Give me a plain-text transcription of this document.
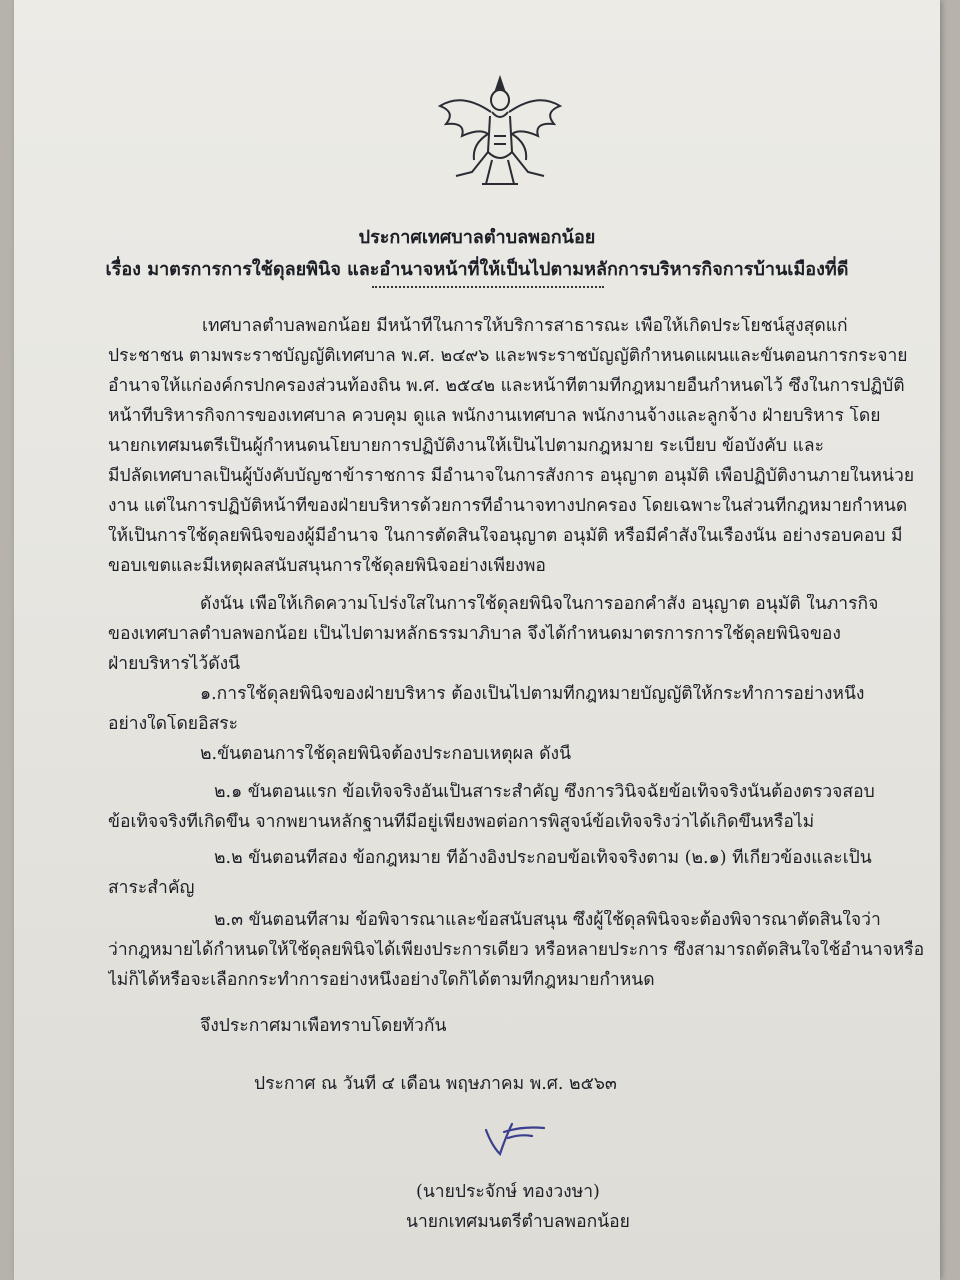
ประกาศเทศบาลตำบลพอกน้อย
เรื่อง มาตรการการใช้ดุลยพินิจ และอำนาจหน้าที่ให้เป็นไปตามหลักการบริหารกิจการบ้านเมืองที่ดี
เทศบาลตำบลพอกน้อย มีหน้าที่ในการให้บริการสาธารณะ เพื่อให้เกิดประโยชน์สูงสุดแก่
ประชาชน ตามพระราชบัญญัติเทศบาล พ.ศ. ๒๔๙๖ และพระราชบัญญัติกำหนดแผนและขั้นตอนการกระจาย
อำนาจให้แก่องค์กรปกครองส่วนท้องถิ่น พ.ศ. ๒๕๔๒ และหน้าที่ตามที่กฎหมายอื่นกำหนดไว้ ซึ่งในการปฏิบัติ
หน้าที่บริหารกิจการของเทศบาล ควบคุม ดูแล พนักงานเทศบาล พนักงานจ้างและลูกจ้าง ฝ่ายบริหาร โดย
นายกเทศมนตรีเป็นผู้กำหนดนโยบายการปฏิบัติงานให้เป็นไปตามกฎหมาย ระเบียบ ข้อบังคับ และ
มีปลัดเทศบาลเป็นผู้บังคับบัญชาข้าราชการ มีอำนาจในการสั่งการ อนุญาต อนุมัติ เพื่อปฏิบัติงานภายในหน่วย
งาน แต่ในการปฏิบัติหน้าที่ของฝ่ายบริหารด้วยการที่อำนาจทางปกครอง โดยเฉพาะในส่วนที่กฎหมายกำหนด
ให้เป็นการใช้ดุลยพินิจของผู้มีอำนาจ ในการตัดสินใจอนุญาต อนุมัติ หรือมีคำสั่งในเรื่องนั้น อย่างรอบคอบ มี
ขอบเขตและมีเหตุผลสนับสนุนการใช้ดุลยพินิจอย่างเพียงพอ
ดังนั้น เพื่อให้เกิดความโปร่งใสในการใช้ดุลยพินิจในการออกคำสั่ง อนุญาต อนุมัติ ในภารกิจ
ของเทศบาลตำบลพอกน้อย เป็นไปตามหลักธรรมาภิบาล จึงได้กำหนดมาตรการการใช้ดุลยพินิจของ
ฝ่ายบริหารไว้ดังนี้
๑.การใช้ดุลยพินิจของฝ่ายบริหาร ต้องเป็นไปตามที่กฎหมายบัญญัติให้กระทำการอย่างหนึ่ง
อย่างใดโดยอิสระ
๒.ขั้นตอนการใช้ดุลยพินิจต้องประกอบเหตุผล ดังนี้
๒.๑ ขั้นตอนแรก ข้อเท็จจริงอันเป็นสาระสำคัญ ซึ่งการวินิจฉัยข้อเท็จจริงนั้นต้องตรวจสอบ
ข้อเท็จจริงที่เกิดขึ้น จากพยานหลักฐานที่มีอยู่เพียงพอต่อการพิสูจน์ข้อเท็จจริงว่าได้เกิดขึ้นหรือไม่
๒.๒ ขั้นตอนที่สอง ข้อกฎหมาย ที่อ้างอิงประกอบข้อเท็จจริงตาม (๒.๑) ที่เกี่ยวข้องและเป็น
สาระสำคัญ
๒.๓ ขั้นตอนที่สาม ข้อพิจารณาและข้อสนับสนุน ซึ่งผู้ใช้ดุลพินิจจะต้องพิจารณาตัดสินใจว่า
ว่ากฎหมายได้กำหนดให้ใช้ดุลยพินิจได้เพียงประการเดียว หรือหลายประการ ซึ่งสามารถตัดสินใจใช้อำนาจหรือ
ไม่ก็ได้หรือจะเลือกกระทำการอย่างหนึ่งอย่างใดก็ได้ตามที่กฎหมายกำหนด
จึงประกาศมาเพื่อทราบโดยทั่วกัน
ประกาศ ณ วันที่ ๔ เดือน พฤษภาคม พ.ศ. ๒๕๖๓
(นายประจักษ์ ทองวงษา)
นายกเทศมนตรีตำบลพอกน้อย
